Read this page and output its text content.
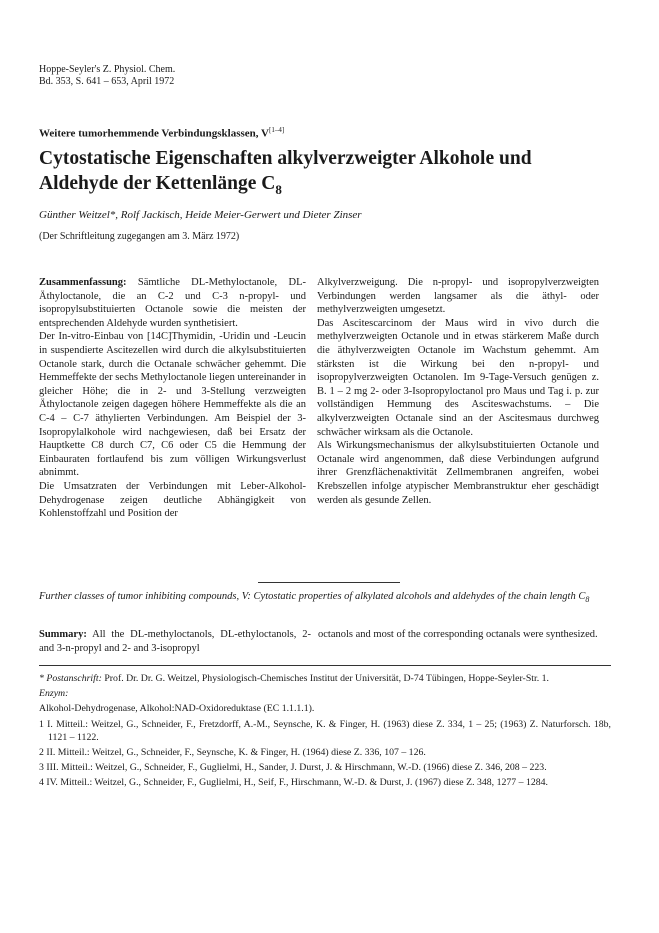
Hoppe-Seyler's Z. Physiol. Chem.
Bd. 353, S. 641 – 653, April 1972
Weitere tumorhemmende Verbindungsklassen, V[1–4]
Cytostatische Eigenschaften alkylverzweigter Alkohole und
Aldehyde der Kettenlänge $C_8$
Günther Weitzel*, Rolf Jackisch, Heide Meier-Gerwert und Dieter Zinser
(Der Schriftleitung zugegangen am 3. März 1972)

Zusammenfassung: Sämtliche DL-Methyloctanole, DL-Äthyloctanole, die an C-2 und C-3 n-propyl- und isopropylsubstituierten Octanole sowie die meisten der entsprechenden Aldehyde wurden synthetisiert.

Der In-vitro-Einbau von [14C]Thymidin, -Uridin und -Leucin in suspendierte Ascitezellen wird durch die alkylsubstituierten Octanole stark, durch die Octanale schwächer gehemmt. Die Hemmeffekte der sechs Methyloctanole liegen untereinander in gleicher Höhe; die in 2- und 3-Stellung verzweigten Äthyloctanole zeigen dagegen höhere Hemmeffekte als die an C-4 – C-7 äthylierten Verbindungen. Am Beispiel der 3-Isopropylalkohole wird nachgewiesen, daß bei Ersatz der Hauptkette C8 durch C7, C6 oder C5 die Hemmung der Einbauraten fortlaufend bis zum völligen Wirkungsverlust abnimmt.

Die Umsatzraten der Verbindungen mit Leber-Alkohol-Dehydrogenase zeigen deutliche Abhängigkeit von Kohlenstoffzahl und Position der

Alkylverzweigung. Die n-propyl- und isopropylverzweigten Verbindungen werden langsamer als die äthyl- oder methylverzweigten umgesetzt.

Das Ascitescarcinom der Maus wird in vivo durch die methylverzweigten Octanole und in etwas stärkerem Maße durch die äthylverzweigten Octanole im Wachstum gehemmt. Am stärksten ist die Wirkung bei den n-propyl- und isopropylverzweigten Octanolen. Im 9-Tage-Versuch genügen z. B. 1 – 2 mg 2- oder 3-Isopropyloctanol pro Maus und Tag i. p. zur vollständigen Hemmung des Asciteswachstums. – Die alkylverzweigten Octanale sind an der Ascitesmaus durchweg schwächer wirksam als die Octanole.

Als Wirkungsmechanismus der alkylsubstituierten Octanole und Octanale wird angenommen, daß diese Verbindungen aufgrund ihrer Grenzflächenaktivität Zellmembranen angreifen, wobei Krebszellen infolge atypischer Membranstruktur eher geschädigt werden als gesunde Zellen.

Further classes of tumor inhibiting compounds, V: Cytostatic properties of alkylated alcohols and aldehydes of the chain length $C_8$
Summary: All the DL-methyloctanols, DL-ethyloctanols, 2- and 3-n-propyl and 2- and 3-isopropyl
octanols and most of the corresponding octanals were synthesized.

* Postanschrift: Prof. Dr. Dr. G. Weitzel, Physiologisch-Chemisches Institut der Universität, D-74 Tübingen, Hoppe-Seyler-Str. 1.

Enzym:

Alkohol-Dehydrogenase, Alkohol:NAD-Oxidoreduktase (EC 1.1.1.1).

1 I. Mitteil.: Weitzel, G., Schneider, F., Fretzdorff, A.-M., Seynsche, K. & Finger, H. (1963) diese Z. 334, 1 – 25; (1963) Z. Naturforsch. 18b, 1121 – 1122.

2 II. Mitteil.: Weitzel, G., Schneider, F., Seynsche, K. & Finger, H. (1964) diese Z. 336, 107 – 126.

3 III. Mitteil.: Weitzel, G., Schneider, F., Guglielmi, H., Sander, J. Durst, J. & Hirschmann, W.-D. (1966) diese Z. 346, 208 – 223.

4 IV. Mitteil.: Weitzel, G., Schneider, F., Guglielmi, H., Seif, F., Hirschmann, W.-D. & Durst, J. (1967) diese Z. 348, 1277 – 1284.
